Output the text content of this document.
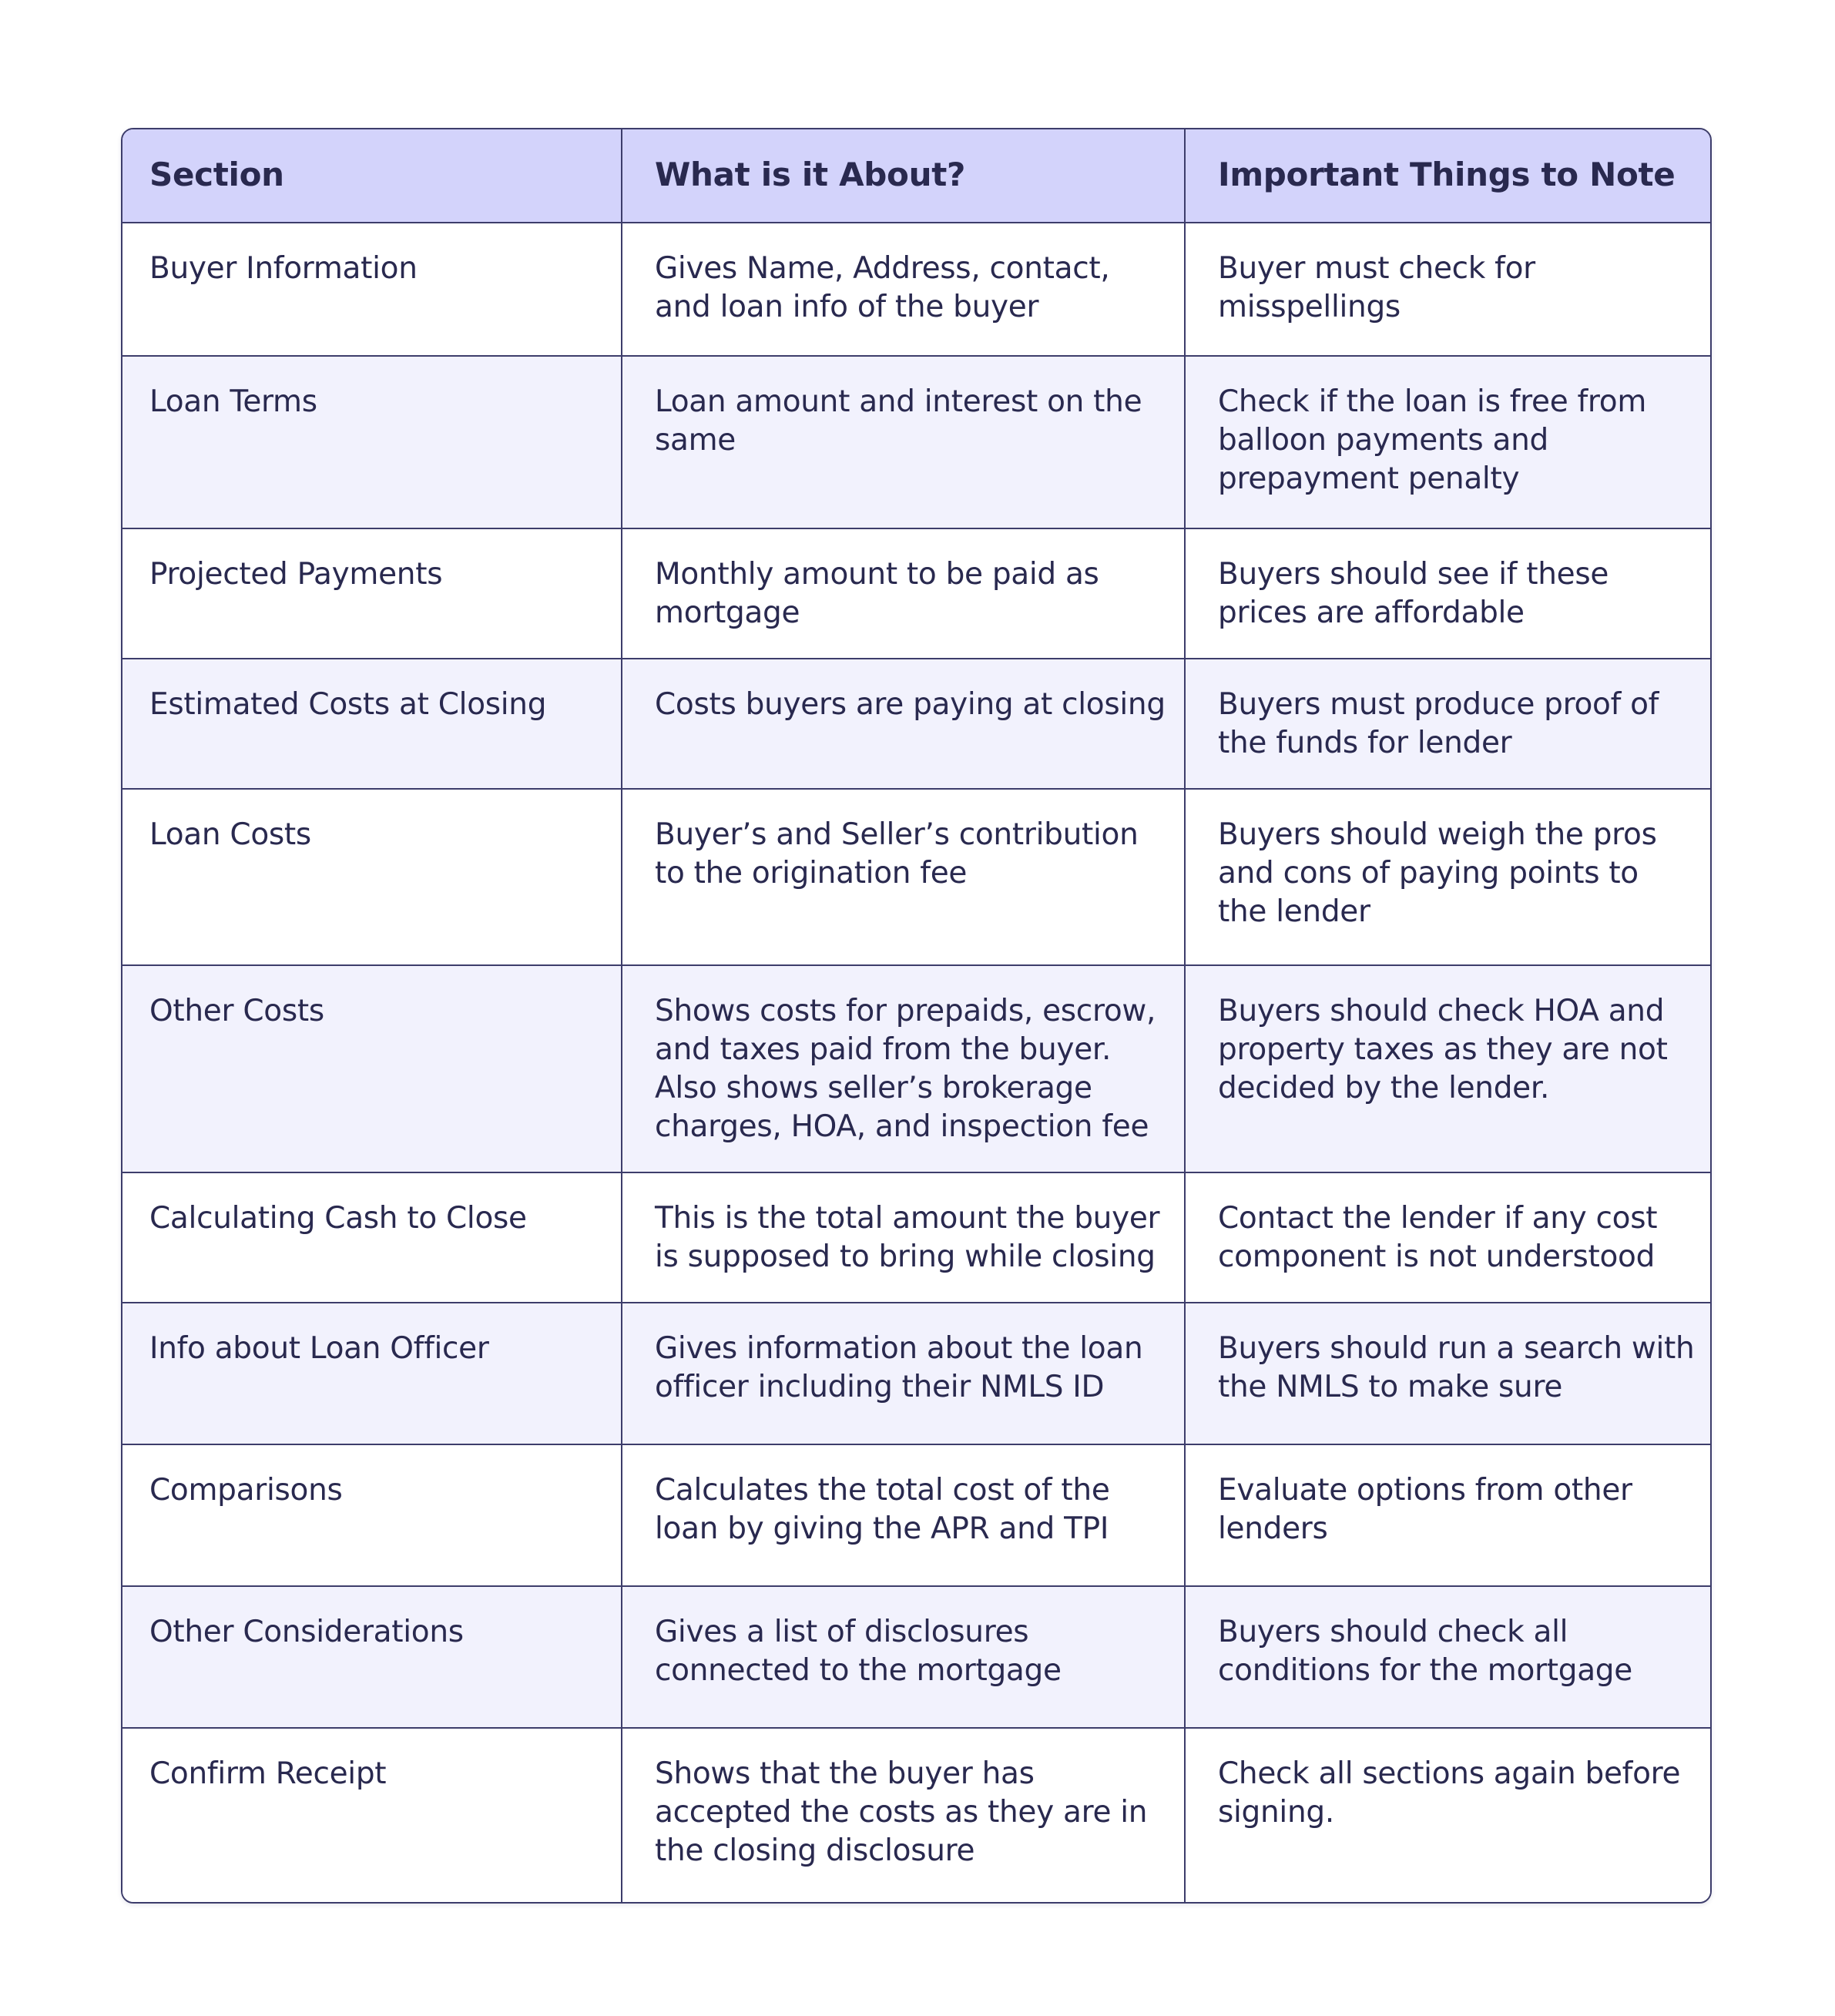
Section	What is it About?	Important Things to Note
Buyer Information	Gives Name, Address, contact, and loan info of the buyer	Buyer must check for misspellings
Loan Terms	Loan amount and interest on the same	Check if the loan is free from balloon payments and prepayment penalty
Projected Payments	Monthly amount to be paid as mortgage	Buyers should see if these prices are affordable
Estimated Costs at Closing	Costs buyers are paying at closing	Buyers must produce proof of the funds for lender
Loan Costs	Buyer’s and Seller’s contribution to the origination fee	Buyers should weigh the pros and cons of paying points to the lender
Other Costs	Shows costs for prepaids, escrow, and taxes paid from the buyer. Also shows seller’s brokerage charges, HOA, and inspection fee	Buyers should check HOA and property taxes as they are not decided by the lender.
Calculating Cash to Close	This is the total amount the buyer is supposed to bring while closing	Contact the lender if any cost component is not understood
Info about Loan Officer	Gives information about the loan officer including their NMLS ID	Buyers should run a search with the NMLS to make sure
Comparisons	Calculates the total cost of the loan by giving the APR and TPI	Evaluate options from other lenders
Other Considerations	Gives a list of disclosures connected to the mortgage	Buyers should check all conditions for the mortgage
Confirm Receipt	Shows that the buyer has accepted the costs as they are in the closing disclosure	Check all sections again before signing.
